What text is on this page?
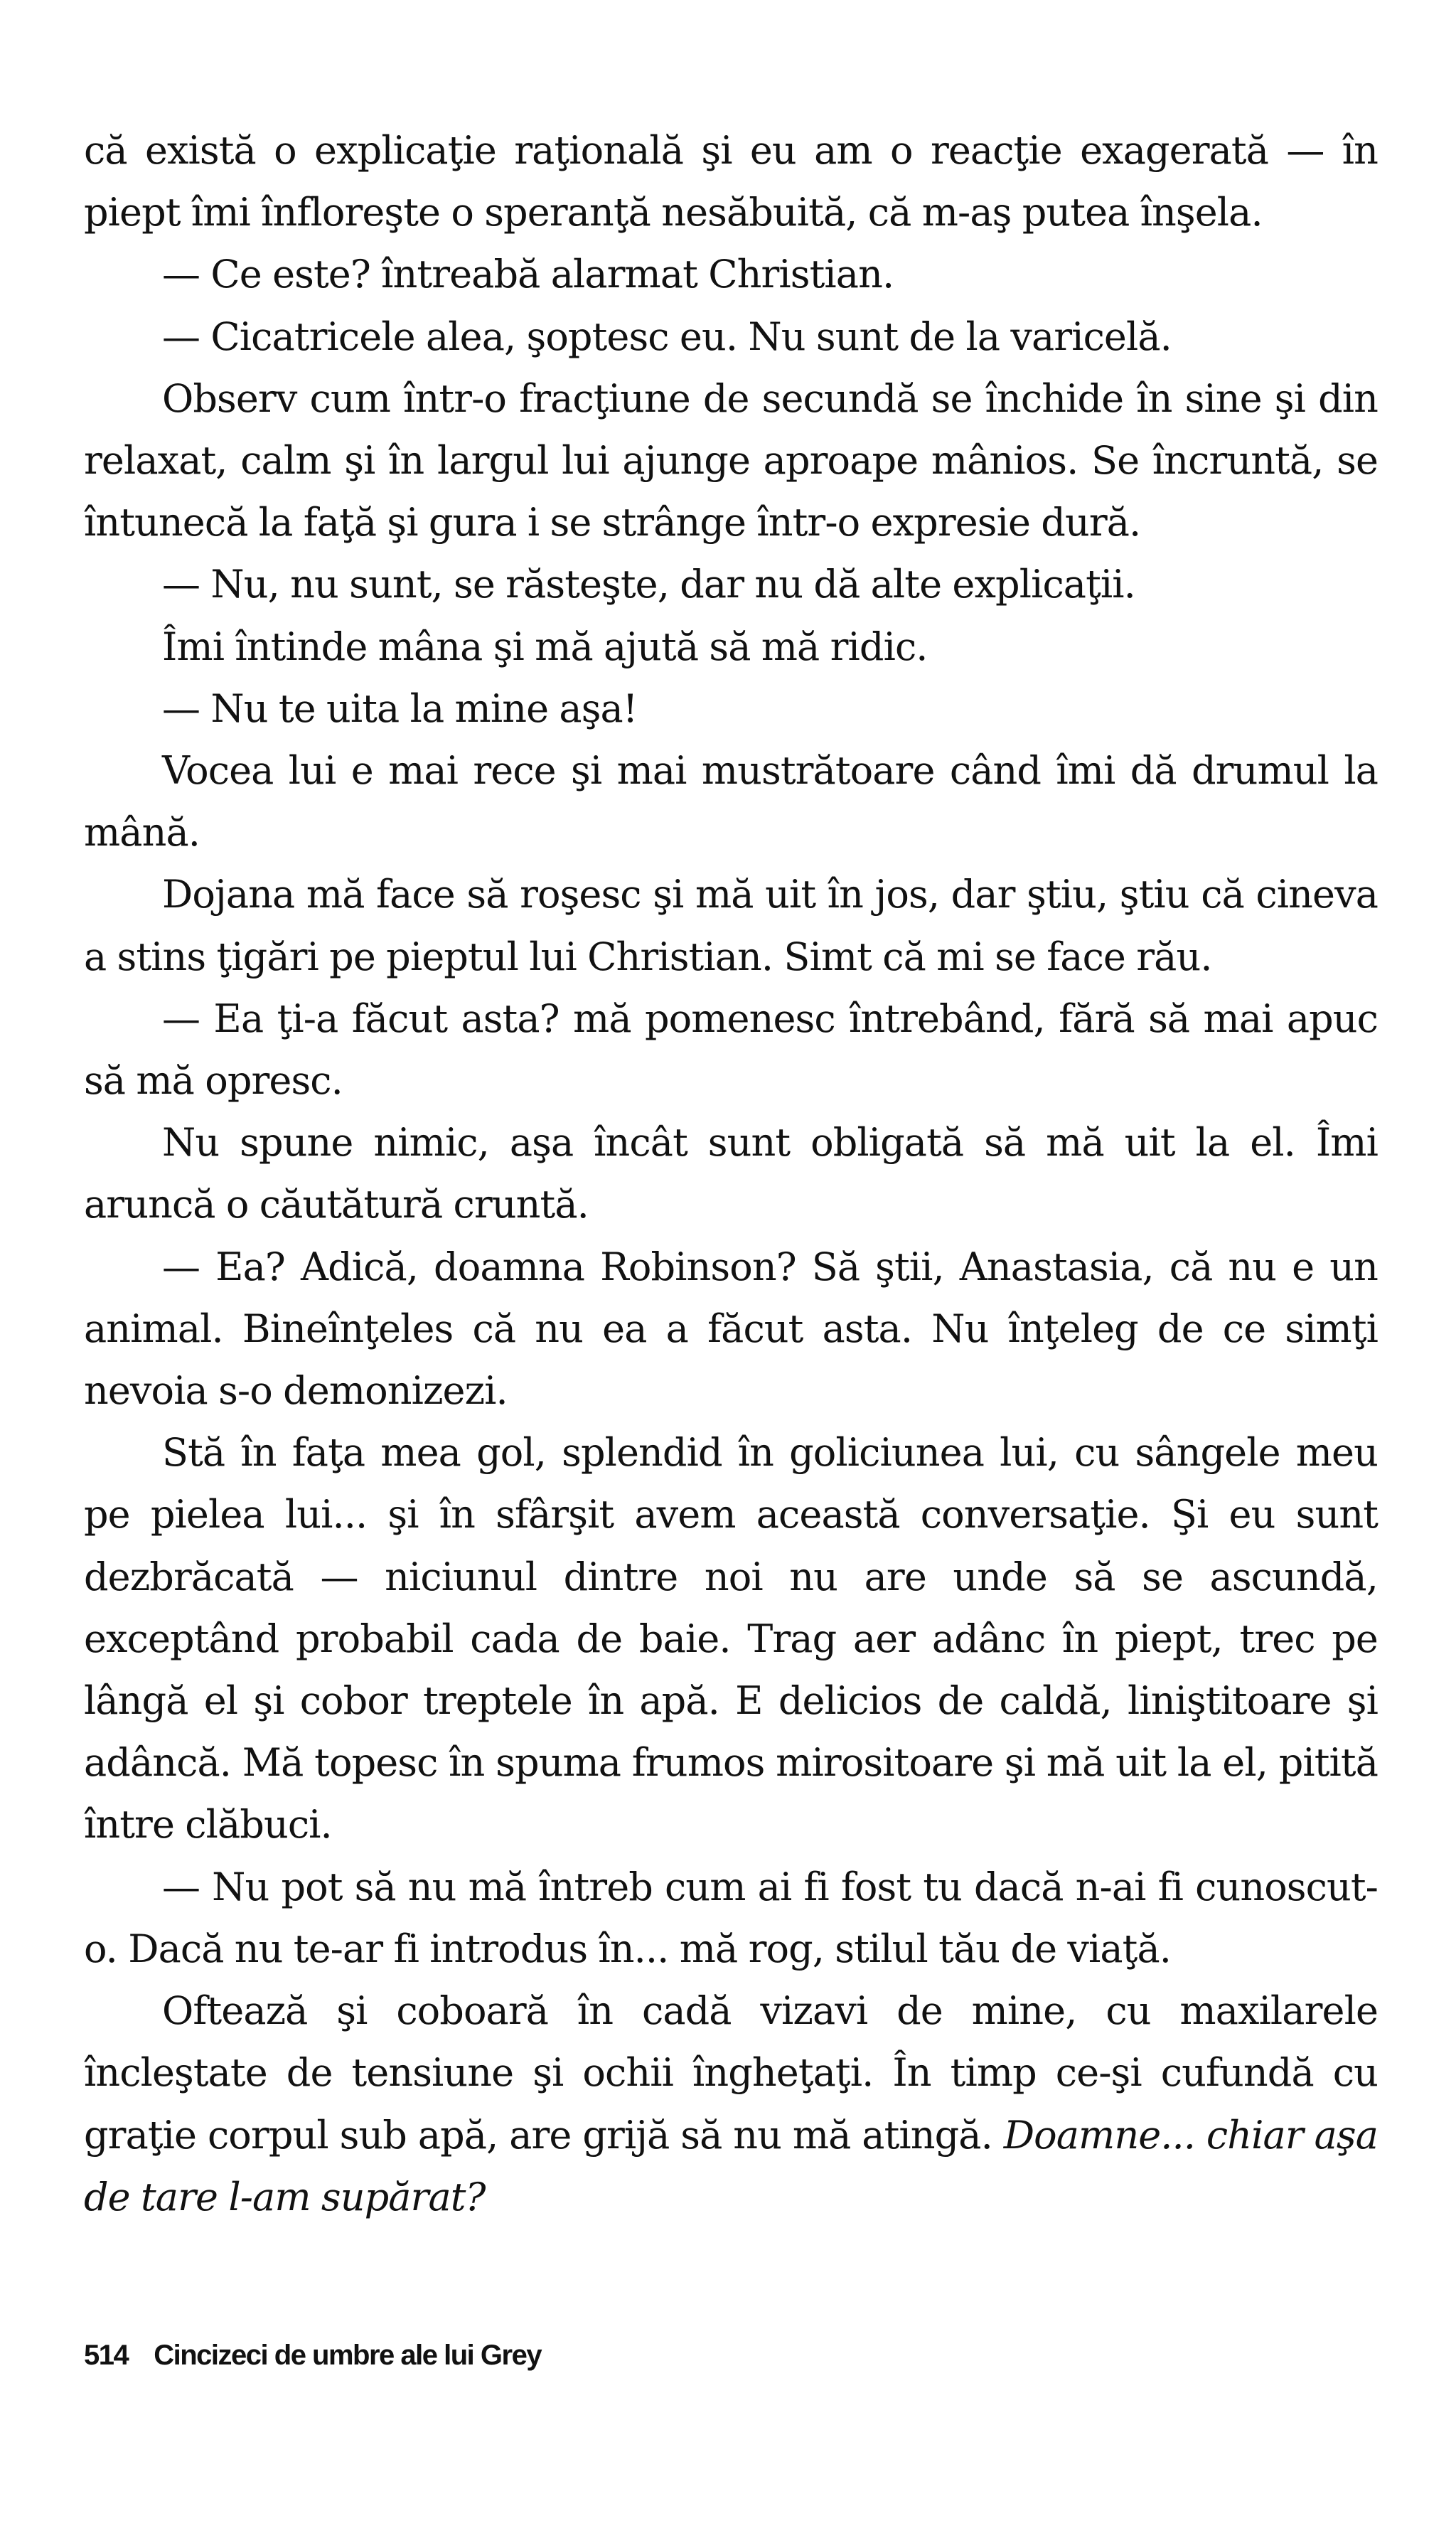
că există o explicaţie raţională şi eu am o reacţie exagerată — în piept îmi înfloreşte o speranţă nesăbuită, că m-aş putea înşela.

— Ce este? întreabă alarmat Christian.

— Cicatricele alea, şoptesc eu. Nu sunt de la varicelă.

Observ cum într-o fracţiune de secundă se închide în sine şi din relaxat, calm şi în largul lui ajunge aproape mânios. Se încruntă, se întunecă la faţă şi gura i se strânge într-o expresie dură.

— Nu, nu sunt, se răsteşte, dar nu dă alte explicaţii.

Îmi întinde mâna şi mă ajută să mă ridic.

— Nu te uita la mine aşa!

Vocea lui e mai rece şi mai mustrătoare când îmi dă drumul la mână.

Dojana mă face să roşesc şi mă uit în jos, dar ştiu, ştiu că cineva a stins ţigări pe pieptul lui Christian. Simt că mi se face rău.

— Ea ţi-a făcut asta? mă pomenesc întrebând, fără să mai apuc să mă opresc.

Nu spune nimic, aşa încât sunt obligată să mă uit la el. Îmi aruncă o căutătură cruntă.

— Ea? Adică, doamna Robinson? Să ştii, Anastasia, că nu e un animal. Bineînţeles că nu ea a făcut asta. Nu înţeleg de ce simţi nevoia s-o demonizezi.

Stă în faţa mea gol, splendid în goliciunea lui, cu sângele meu pe pielea lui... şi în sfârşit avem această conversaţie. Şi eu sunt dezbrăcată — niciunul dintre noi nu are unde să se ascundă, exceptând probabil cada de baie. Trag aer adânc în piept, trec pe lângă el şi cobor treptele în apă. E delicios de caldă, liniştitoare şi adâncă. Mă topesc în spuma frumos mirositoare şi mă uit la el, pitită între clăbuci.

— Nu pot să nu mă întreb cum ai fi fost tu dacă n-ai fi cunoscut-o. Dacă nu te-ar fi introdus în... mă rog, stilul tău de viaţă.

Oftează şi coboară în cadă vizavi de mine, cu maxilarele încleştate de tensiune şi ochii îngheţaţi. În timp ce-şi cufundă cu graţie corpul sub apă, are grijă să nu mă atingă. Doamne... chiar aşa de tare l-am supărat?

514 Cincizeci de umbre ale lui Grey
